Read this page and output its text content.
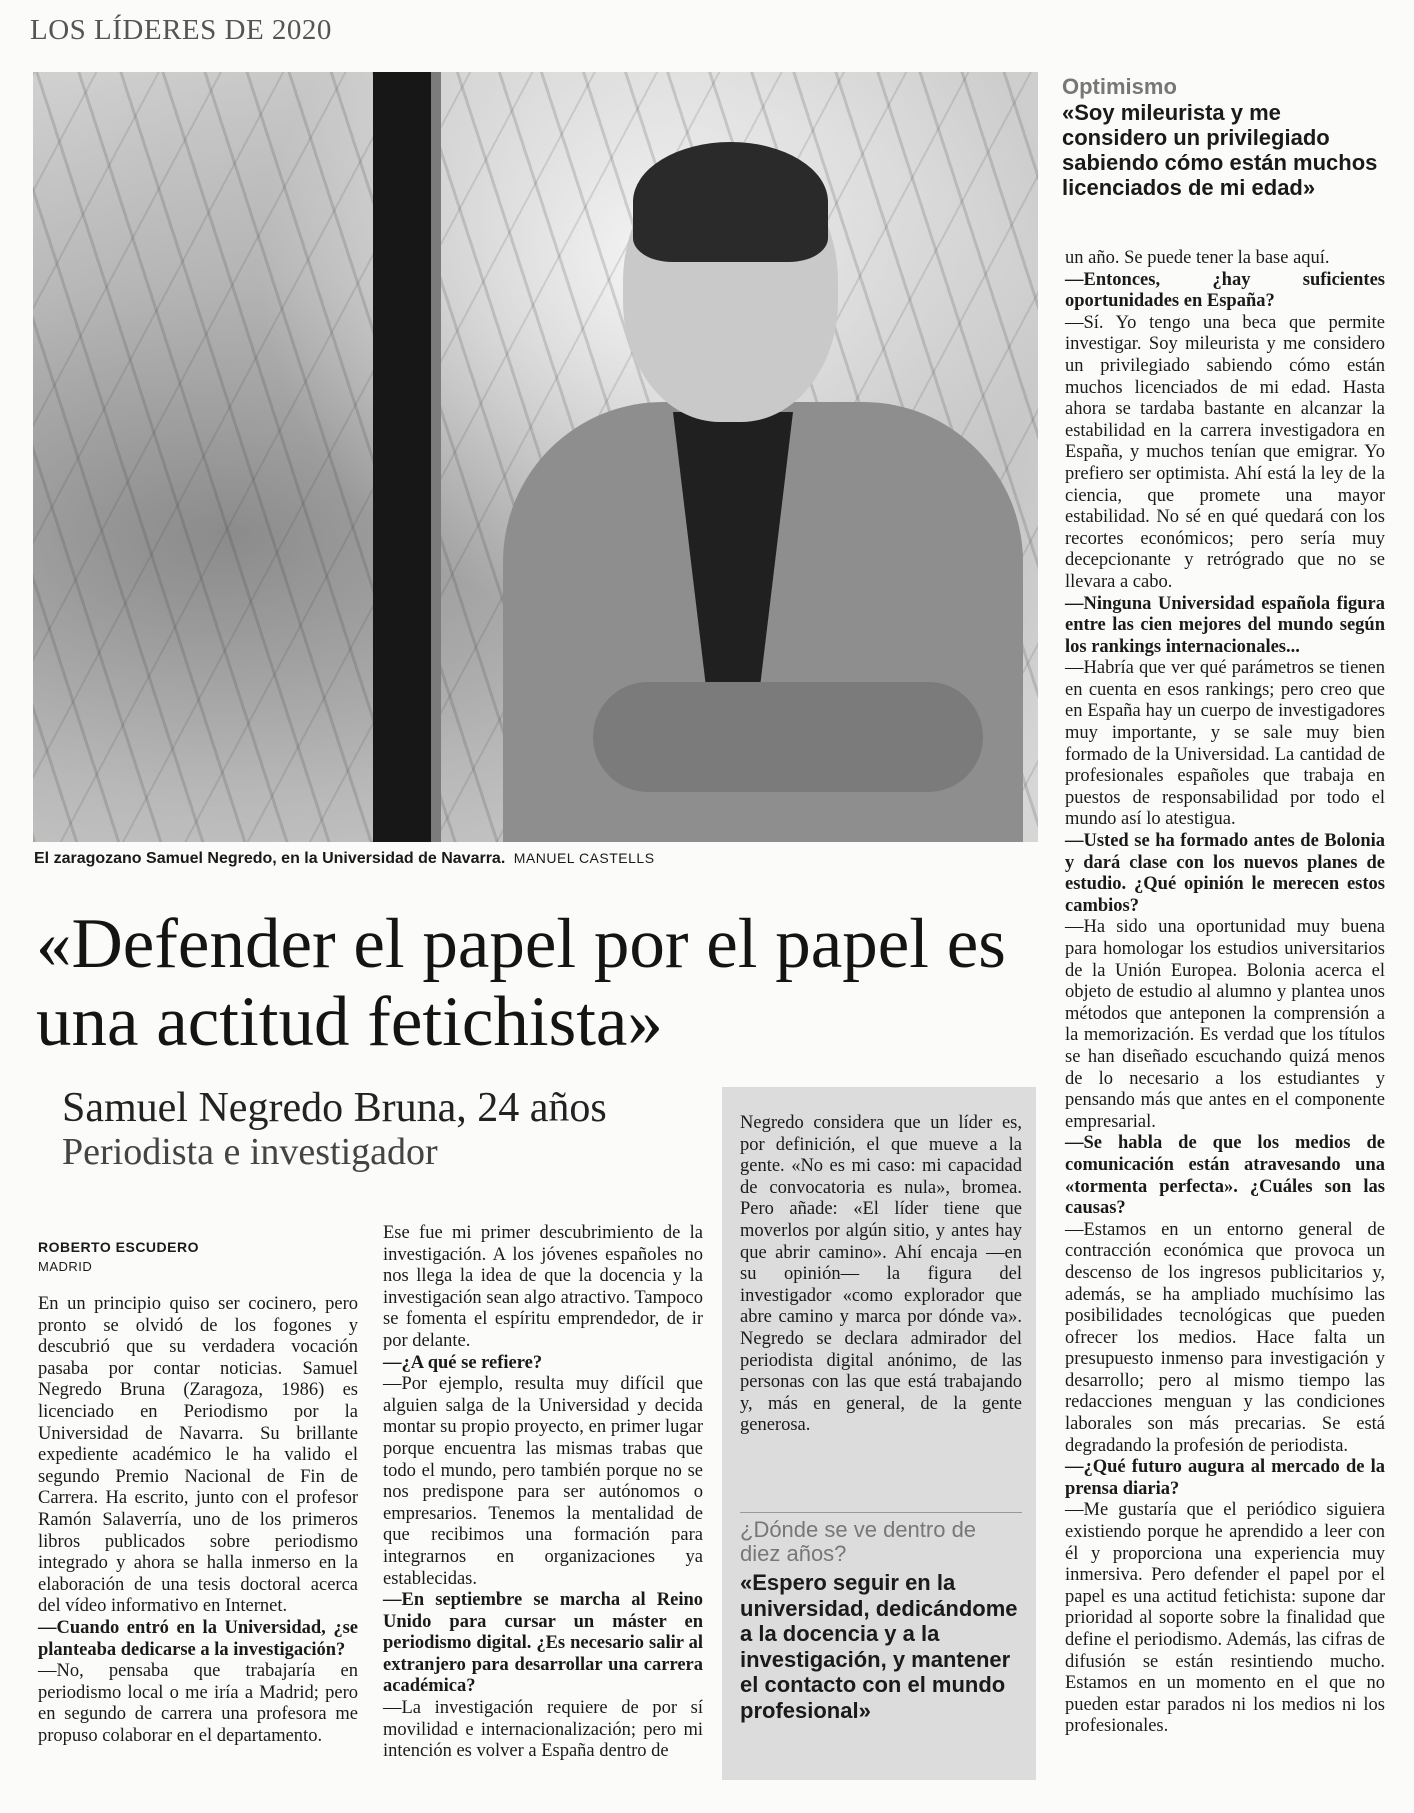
LOS LÍDERES DE 2020
El zaragozano Samuel Negredo, en la Universidad de Navarra. MANUEL CASTELLS
«Defender el papel por el papel es una actitud fetichista»
Samuel Negredo Bruna, 24 años
Periodista e investigador
ROBERTO ESCUDERO
MADRID

En un principio quiso ser cocinero, pero pronto se olvidó de los fogones y descubrió que su verdadera vocación pasaba por contar noticias. Samuel Negredo Bruna (Zaragoza, 1986) es licenciado en Periodismo por la Universidad de Navarra. Su brillante expediente académico le ha valido el segundo Premio Nacional de Fin de Carrera. Ha escrito, junto con el profesor Ramón Salaverría, uno de los primeros libros publicados sobre periodismo integrado y ahora se halla inmerso en la elaboración de una tesis doctoral acerca del vídeo informativo en Internet.

—Cuando entró en la Universidad, ¿se planteaba dedicarse a la investigación?

—No, pensaba que trabajaría en periodismo local o me iría a Madrid; pero en segundo de carrera una profesora me propuso colaborar en el departamento.

Ese fue mi primer descubrimiento de la investigación. A los jóvenes españoles no nos llega la idea de que la docencia y la investigación sean algo atractivo. Tampoco se fomenta el espíritu emprendedor, de ir por delante.

—¿A qué se refiere?

—Por ejemplo, resulta muy difícil que alguien salga de la Universidad y decida montar su propio proyecto, en primer lugar porque encuentra las mismas trabas que todo el mundo, pero también porque no se nos predispone para ser autónomos o empresarios. Tenemos la mentalidad de que recibimos una formación para integrarnos en organizaciones ya establecidas.

—En septiembre se marcha al Reino Unido para cursar un máster en periodismo digital. ¿Es necesario salir al extranjero para desarrollar una carrera académica?

—La investigación requiere de por sí movilidad e internacionalización; pero mi intención es volver a España dentro de

Negredo considera que un líder es, por definición, el que mueve a la gente. «No es mi caso: mi capacidad de convocatoria es nula», bromea. Pero añade: «El líder tiene que moverlos por algún sitio, y antes hay que abrir camino». Ahí encaja —en su opinión— la figura del investigador «como explorador que abre camino y marca por dónde va». Negredo se declara admirador del periodista digital anónimo, de las personas con las que está trabajando y, más en general, de la gente generosa.
¿Dónde se ve dentro de diez años?
«Espero seguir en la universidad, dedicándome a la docencia y a la investigación, y mantener el contacto con el mundo profesional»
Optimismo
«Soy mileurista y me considero un privilegiado sabiendo cómo están muchos licenciados de mi edad»

un año. Se puede tener la base aquí.

—Entonces, ¿hay suficientes oportunidades en España?

—Sí. Yo tengo una beca que permite investigar. Soy mileurista y me considero un privilegiado sabiendo cómo están muchos licenciados de mi edad. Hasta ahora se tardaba bastante en alcanzar la estabilidad en la carrera investigadora en España, y muchos tenían que emigrar. Yo prefiero ser optimista. Ahí está la ley de la ciencia, que promete una mayor estabilidad. No sé en qué quedará con los recortes económicos; pero sería muy decepcionante y retrógrado que no se llevara a cabo.

—Ninguna Universidad española figura entre las cien mejores del mundo según los rankings internacionales...

—Habría que ver qué parámetros se tienen en cuenta en esos rankings; pero creo que en España hay un cuerpo de investigadores muy importante, y se sale muy bien formado de la Universidad. La cantidad de profesionales españoles que trabaja en puestos de responsabilidad por todo el mundo así lo atestigua.

—Usted se ha formado antes de Bolonia y dará clase con los nuevos planes de estudio. ¿Qué opinión le merecen estos cambios?

—Ha sido una oportunidad muy buena para homologar los estudios universitarios de la Unión Europea. Bolonia acerca el objeto de estudio al alumno y plantea unos métodos que anteponen la comprensión a la memorización. Es verdad que los títulos se han diseñado escuchando quizá menos de lo necesario a los estudiantes y pensando más que antes en el componente empresarial.

—Se habla de que los medios de comunicación están atravesando una «tormenta perfecta». ¿Cuáles son las causas?

—Estamos en un entorno general de contracción económica que provoca un descenso de los ingresos publicitarios y, además, se ha ampliado muchísimo las posibilidades tecnológicas que pueden ofrecer los medios. Hace falta un presupuesto inmenso para investigación y desarrollo; pero al mismo tiempo las redacciones menguan y las condiciones laborales son más precarias. Se está degradando la profesión de periodista.

—¿Qué futuro augura al mercado de la prensa diaria?

—Me gustaría que el periódico siguiera existiendo porque he aprendido a leer con él y proporciona una experiencia muy inmersiva. Pero defender el papel por el papel es una actitud fetichista: supone dar prioridad al soporte sobre la finalidad que define el periodismo. Además, las cifras de difusión se están resintiendo mucho. Estamos en un momento en el que no pueden estar parados ni los medios ni los profesionales.
